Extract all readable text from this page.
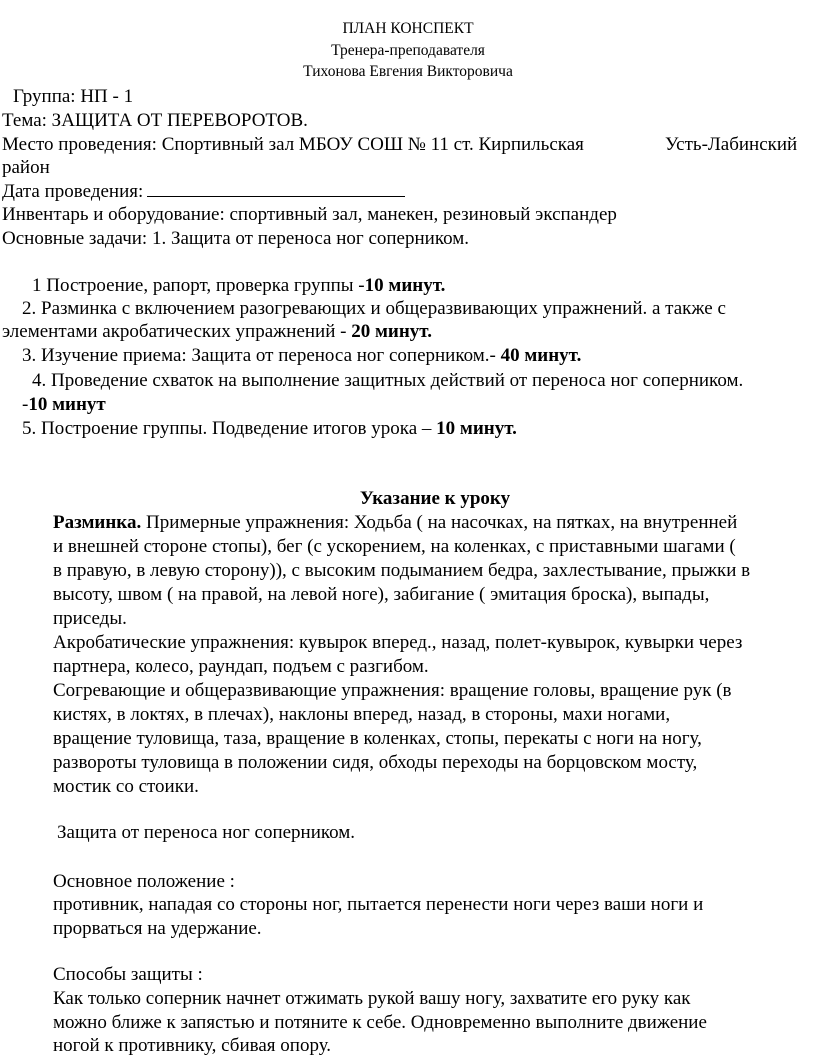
ПЛАН КОНСПЕКТ
Тренера-преподавателя
Тихонова Евгения Викторовича
Группа: НП - 1
Тема: ЗАЩИТА ОТ ПЕРЕВОРОТОВ.
Место проведения: Спортивный зал МБОУ СОШ № 11 ст. Кирпильская	Усть-Лабинский
район
Дата проведения:
Инвентарь и оборудование: спортивный зал, манекен, резиновый экспандер
Основные задачи: 1. Защита от переноса ног соперником.
1 Построение, рапорт, проверка группы -10 минут.
2. Разминка с включением разогревающих и общеразвивающих упражнений. а также с
элементами акробатических упражнений - 20 минут.
3. Изучение приема: Защита от переноса ног соперником.- 40 минут.
4. Проведение схваток на выполнение защитных действий от переноса ног соперником.
-10 минут
5. Построение группы. Подведение итогов урока – 10 минут.
Указание к уроку
Разминка. Примерные упражнения: Ходьба ( на насочках, на пятках, на внутренней
и внешней стороне стопы), бег (с ускорением, на коленках, с приставными шагами (
в правую, в левую сторону)), с высоким подыманием бедра, захлестывание, прыжки в
высоту, швом ( на правой, на левой ноге), забигание ( эмитация броска), выпады,
приседы.
Акробатические упражнения: кувырок вперед., назад, полет-кувырок, кувырки через
партнера, колесо, раундап, подъем с разгибом.
Согревающие и общеразвивающие упражнения: вращение головы, вращение рук (в
кистях, в локтях, в плечах), наклоны вперед, назад, в стороны, махи ногами,
вращение туловища, таза, вращение в коленках, стопы, перекаты с ноги на ногу,
развороты туловища в положении сидя, обходы переходы на борцовском мосту,
мостик со стоики.
Защита от переноса ног соперником.
Основное положение :
противник, нападая со стороны ног, пытается перенести ноги через ваши ноги и
прорваться на удержание.
Способы защиты :
Как только соперник начнет отжимать рукой вашу ногу, захватите его руку как
можно ближе к запястью и потяните к себе. Одновременно выполните движение
ногой к противнику, сбивая опору.
